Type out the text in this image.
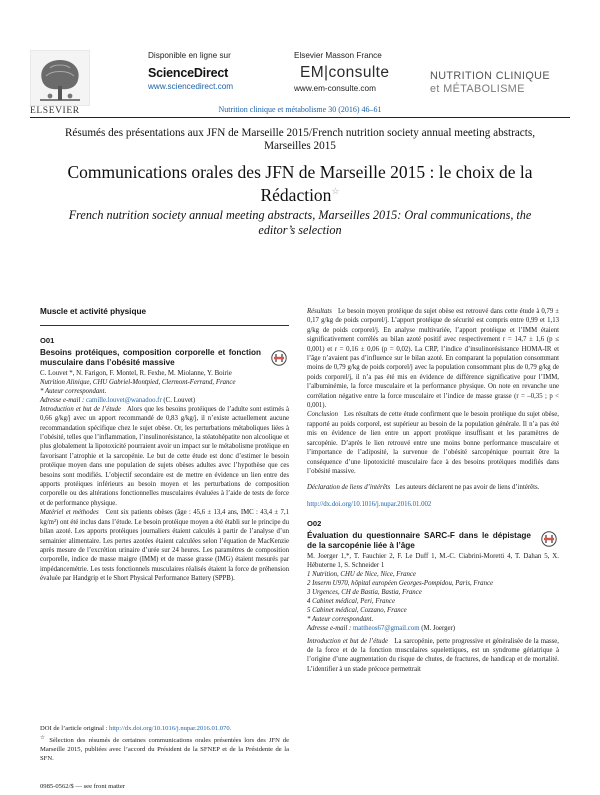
ELSEVIER
Disponible en ligne sur
ScienceDirect
www.sciencedirect.com
Elsevier Masson France
EM|consulte
www.em-consulte.com
NUTRITION CLINIQUE
et MÉTABOLISME
Nutrition clinique et métabolisme 30 (2016) 46–61
Résumés des présentations aux JFN de Marseille 2015/French nutrition society annual meeting abstracts, Marseilles 2015
Communications orales des JFN de Marseille 2015 : le choix de la Rédaction☆
French nutrition society annual meeting abstracts, Marseilles 2015: Oral communications, the editor’s selection
Muscle et activité physique
O01
Besoins protéiques, composition corporelle et fonction musculaire dans l’obésité massive
C. Louvet *, N. Farigon, F. Montel, R. Fexhe, M. Miolanne, Y. Boirie
Nutrition Alinique, CHU Gabriel-Montpied, Clermont-Ferrand, France
* Auteur correspondant.
Adresse e-mail : camille.louvet@wanadoo.fr (C. Louvet)

Introduction et but de l’étude Alors que les besoins protéiques de l’adulte sont estimés à 0,66 g/kg/j avec un apport recommandé de 0,83 g/kg/j, il n’existe actuellement aucune recommandation spécifique chez le sujet obèse. Or, les perturbations métaboliques liées à l’obésité, telles que l’inflammation, l’insulinorésistance, la stéatohépatite non alcoolique et plus globalement la lipotoxicité pourraient avoir un impact sur le métabolisme protéique en favorisant l’atrophie et la sarcopénie. Le but de cette étude est donc d’estimer le besoin protéique moyen dans une population de sujets obèses adultes avec l’hypothèse que ces besoins sont modifiés. L’objectif secondaire est de mettre en évidence un lien entre des apports protéiques inférieurs au besoin moyen et les perturbations de composition corporelle ou des altérations fonctionnelles musculaires évaluées à l’aide de tests de force et de performance physique.

Matériel et méthodes Cent six patients obèses (âge : 45,6 ± 13,4 ans, IMC : 43,4 ± 7,1 kg/m²) ont été inclus dans l’étude. Le besoin protéique moyen a été établi sur le principe du bilan azoté. Les apports protéiques journaliers étaient calculés à partir de l’analyse d’un semainier alimentaire. Les pertes azotées étaient calculées selon l’équation de MacKenzie après mesure de l’excrétion urinaire d’urée sur 24 heures. Les paramètres de composition corporelle, indice de masse maigre (IMM) et de masse grasse (IMG) étaient mesurés par impédancemétrie. Les tests fonctionnels musculaires réalisés étaient la force de préhension évaluée par Handgrip et le Short Physical Performance Battery (SPPB).

DOI de l’article original : http://dx.doi.org/10.1016/j.nupar.2016.01.070.
☆ Sélection des résumés de certaines communications orales présentées lors des JFN de Marseille 2015, publiées avec l’accord du Président de la SFNEP et de la Présidente de la SFN.
0985-0562/$ — see front matter

Résultats Le besoin moyen protéique du sujet obèse est retrouvé dans cette étude à 0,79 ± 0,17 g/kg de poids corporel/j. L’apport protéique de sécurité est compris entre 0,99 et 1,13 g/kg de poids corporel/j. En analyse multivariée, l’apport protéique et l’IMM étaient significativement corrélés au bilan azoté positif avec respectivement r = 14,7 ± 1,6 (p ≤ 0,001) et r = 0,16 ± 0,06 (p = 0,02). La CRP, l’indice d’insulinorésistance HOMA-IR et l’âge n’avaient pas d’influence sur le bilan azoté. En comparant la population consommant moins de 0,79 g/kg de poids corporel/j avec la population consommant plus de 0,79 g/kg de poids corporel/j, il n’a pas été mis en évidence de différence significative pour l’IMM, l’albuminémie, la force musculaire et la performance physique. On note en revanche une corrélation négative entre la force musculaire et l’indice de masse grasse (r = –0,35 ; p < 0,001).

Conclusion Les résultats de cette étude confirment que le besoin protéique du sujet obèse, rapporté au poids corporel, est supérieur au besoin de la population générale. Il n’a pas été mis en évidence de lien entre un apport protéique insuffisant et les paramètres de sarcopénie. D’après le lien retrouvé entre une moins bonne performance musculaire et l’importance de l’adiposité, la survenue de l’obésité sarcopénique pourrait être la conséquence d’une lipotoxicité musculaire face à des besoins protéiques modifiés dans l’obésité massive.

Déclaration de liens d’intérêts Les auteurs déclarent ne pas avoir de liens d’intérêts.

http://dx.doi.org/10.1016/j.nupar.2016.01.002

O02
Évaluation du questionnaire SARC-F dans le dépistage de la sarcopénie liée à l’âge
M. Joerger 1,*, T. Fauchier 2, F. Le Duff 1, M.-C. Ciabrini-Moretti 4, T. Dahan 5, X. Hébuterne 1, S. Schneider 1
1 Nutrition, CHU de Nice, Nice, France
2 Inserm U970, hôpital européen Georges-Pompidou, Paris, France
3 Urgences, CH de Bastia, Bastia, France
4 Cabinet médical, Peri, France
5 Cabinet médical, Cozzano, France
* Auteur correspondant.
Adresse e-mail : mattheos67@gmail.com (M. Joerger)

Introduction et but de l’étude La sarcopénie, perte progressive et généralisée de la masse, de la force et de la fonction musculaires squelettiques, est un syndrome gériatrique à l’origine d’une augmentation du risque de chutes, de fractures, de handicap et de mortalité. L’identifier à un stade précoce permettrait
